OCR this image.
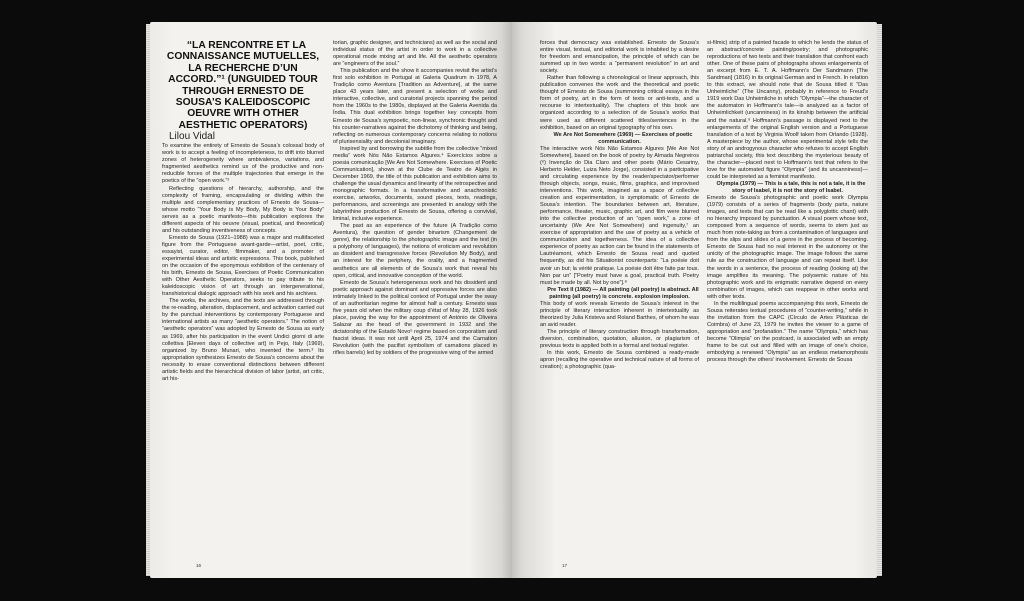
“LA RENCONTRE ET LA CONNAISSANCE MUTUELLES, LA RECHERCHE D’UN ACCORD.”¹ (UNGUIDED TOUR THROUGH ERNESTO DE SOUSA’S KALEIDOSCOPIC OEUVRE WITH OTHER AESTHETIC OPERATORS)

Lilou Vidal

To examine the entirety of Ernesto de Sousa’s colossal body of work is to accept a feeling of incompleteness, to drift into blurred zones of heterogeneity where ambivalence, variations, and fragmented aesthetics remind us of the productive and non-reducible forces of the multiple trajectories that emerge in the poetics of the “open work.”²

Reflecting questions of hierarchy, authorship, and the complexity of framing, encapsulating or dividing within the multiple and complementary practices of Ernesto de Sousa—whose motto “Your Body is My Body, My Body is Your Body” serves as a poetic manifesto—this publication explores the different aspects of his oeuvre (visual, poetical, and theoretical) and his outstanding inventiveness of concepts.

Ernesto de Sousa (1921–1988) was a major and multifaceted figure from the Portuguese avant-garde—artist, poet, critic, essayist, curator, editor, filmmaker, and a promoter of experimental ideas and artistic expressions. This book, published on the occasion of the eponymous exhibition of the centenary of his birth, Ernesto de Sousa, Exercises of Poetic Communication with Other Aesthetic Operators, seeks to pay tribute to his kaleidoscopic vision of art through an intergenerational, transhistorical dialogic approach with his work and his archives.

The works, the archives, and the texts are addressed through the re-reading, alteration, displacement, and activation carried out by the punctual interventions by contemporary Portuguese and international artists as many “aesthetic operators.” The notion of “aesthetic operators” was adopted by Ernesto de Sousa as early as 1969, after his participation in the event Undici giorni di arte collettiva [Eleven days of collective art] in Pejo, Italy (1969), organized by Bruno Munari, who invented the term.³ Its appropriation synthesizes Ernesto de Sousa’s concerns about the necessity to erase conventional distinctions between different artistic fields and the hierarchical division of labor (artist, art critic, art his-

torian, graphic designer, and technicians) as well as the social and individual status of the artist in order to work in a collective operational mode mixing art and life. All the aesthetic operators are “engineers of the soul.”

This publication and the show it accompanies revisit the artist’s first solo exhibition in Portugal at Galeria Quadrum in 1978, A Tradição como Aventura [Tradition as Adventure], at the same place 43 years later, and present a selection of works and interactive, collective, and curatorial projects spanning the period from the 1960s to the 1980s, displayed at the Galeria Avenida da Índia. This dual exhibition brings together key concepts from Ernesto de Sousa’s sympoetic, non-linear, synchronic thought and his counter-narratives against the dichotomy of thinking and being, reflecting on numerous contemporary concerns relating to notions of plurisensiality and decolonial imaginary.

Inspired by and borrowing the subtitle from the collective “mixed media” work Nós Não Estamos Algures.⁴ Exercícios sobre a poesia comunicação [We Are Not Somewhere. Exercises of Poetic Communication], shown at the Clube de Teatro de Algés in December 1969, the title of this publication and exhibition aims to challenge the usual dynamics and linearity of the retrospective and monographic formats. In a transformative and anachronistic exercise, artworks, documents, sound pieces, texts, readings, performances, and screenings are presented in analogy with the labyrinthine production of Ernesto de Sousa, offering a convivial, liminal, inclusive experience.

The past as an experience of the future (A Tradição como Aventura), the question of gender binarism (Changement de genre), the relationship to the photographic image and the text (in a polyphony of languages), the notions of eroticism and revolution as dissident and transgressive forces (Revolution My Body), and an interest for the periphery, the orality, and a fragmented aesthetics are all elements of de Sousa’s work that reveal his open, critical, and innovative conception of the world.

Ernesto de Sousa’s heterogeneous work and his dissident and poetic approach against dominant and oppressive forces are also intimately linked to the political context of Portugal under the sway of an authoritarian regime for almost half a century. Ernesto was five years old when the military coup d’état of May 28, 1926 took place, paving the way for the appointment of António de Oliveira Salazar as the head of the government in 1932 and the dictatorship of the Estado Novo⁵ regime based on corporatism and fascist ideas. It was not until April 25, 1974 and the Carnation Revolution (with the pacifist symbolism of carnations placed in rifles barrels) led by soldiers of the progressive wing of the armed

16

forces that democracy was established. Ernesto de Sousa’s entire visual, textual, and editorial work is inhabited by a desire for freedom and emancipation, the principle of which can be summed up in two words: a “permanent revolution” in art and society.

Rather than following a chronological or linear approach, this publication convenes the work and the theoretical and poetic thought of Ernesto de Sousa (summoning critical essays in the form of poetry, art in the form of texts or anti-texts, and a recourse to intertextuality). The chapters of this book are organized according to a selection of de Sousa’s works that were used as different scattered titles/sentences in the exhibition, based on an original typography of his own.

We Are Not Somewhere (1969) — Exercises of poetic communication.

The interactive work Nós Não Estamos Algures [We Are Not Somewhere], based on the book of poetry by Almada Negreiros (⁶) Invenção do Dia Claro and other poets (Mário Cesariny, Herberto Helder, Luiza Neto Jorge), consisted in a participative and circulating experience by the reader/spectator/performer through objects, songs, music, films, graphics, and improvised interventions. This work, imagined as a space of collective creation and experimentation, is symptomatic of Ernesto de Sousa’s intention. The boundaries between art, literature, performance, theater, music, graphic art, and film were blurred into the collective production of an “open work,” a zone of uncertainty (We Are Not Somewhere) and ingenuity,⁷ an exercise of appropriation and the use of poetry as a vehicle of communication and togetherness. The idea of a collective experience of poetry as action can be found in the statements of Lautréamont, which Ernesto de Sousa read and quoted frequently, as did his Situationist counterparts: “La poésie doit avoir un but; la vérité pratique. La poésie doit être faite par tous. Non par un” [“Poetry must have a goal, practical truth. Poetry must be made by all. Not by one”].⁸

Pre Text II (1982) — All painting (all poetry) is abstract. All painting (all poetry) is concrete. explosion implosion.

This body of work reveals Ernesto de Sousa’s interest in the principle of literary interaction inherent in intertextuality as theorized by Julia Kristeva and Roland Barthes, of whom he was an avid reader.

The principle of literary construction through transformation, diversion, combination, quotation, allusion, or plagiarism of previous texts is applied both in a formal and textual register.

In this work, Ernesto de Sousa combined a ready-made apron (recalling the operative and technical nature of all forms of creation); a photographic (qua-

si-filmic) strip of a painted facade to which he lends the status of an abstract/concrete painting/poetry; and photographic reproductions of two texts and their translation that confront each other. One of these pairs of photographs shows enlargements of an excerpt from E. T. A. Hoffmann’s Der Sandmann [The Sandman] (1816) in its original German and in French. In relation to this extract, we should note that de Sousa titled it “Das Unheimliche” (The Uncanny), probably in reference to Freud’s 1919 work Das Unheimliche in which “Olympia”—the character of the automaton in Hoffmann’s tale—is analyzed as a factor of Unheimlichkeit (uncanniness) in its kinship between the artificial and the natural.⁹ Hoffmann’s passage is displayed next to the enlargements of the original English version and a Portuguese translation of a text by Virginia Woolf taken from Orlando (1928). A masterpiece by the author, whose experimental style tells the story of an androgynous character who refuses to accept English patriarchal society, this text describing the mysterious beauty of the character—placed next to Hoffmann’s text that refers to the love for the automated figure “Olympia” (and its uncanniness)—could be interpreted as a feminist manifesto.

Olympia (1979) — This is a tale, this is not a tale, it is the story of Isabel, it is not the story of Isabel.

Ernesto de Sousa’s photographic and poetic work Olympia (1979) consists of a series of fragments (body parts, nature images, and texts that can be read like a polyglottic chant) with no hierarchy imposed by punctuation. A visual poem whose text, composed from a sequence of words, seems to stem just as much from note-taking as from a contamination of languages and from the slips and slides of a genre in the process of becoming. Ernesto de Sousa had no real interest in the autonomy or the unicity of the photographic image. The image follows the same rule as the construction of language and can repeat itself. Like the words in a sentence, the process of reading (looking at) the image amplifies its meaning. The polysemic nature of his photographic work and its enigmatic narrative depend on every combination of images, which can reappear in other works and with other texts.

In the multilingual poems accompanying this work, Ernesto de Sousa reiterates textual procedures of “counter-writing,” while in the invitation from the CAPC (Círculo de Artes Plásticas de Coimbra) of June 23, 1979 he invites the viewer to a game of appropriation and “profanation.” The name “Olympia,” which has become “Olimpia” on the postcard, is associated with an empty frame to be cut out and filled with an image of one’s choice, embodying a renewed “Olympia” as an endless metamorphosis process through the others’ involvement. Ernesto de Sousa

17
